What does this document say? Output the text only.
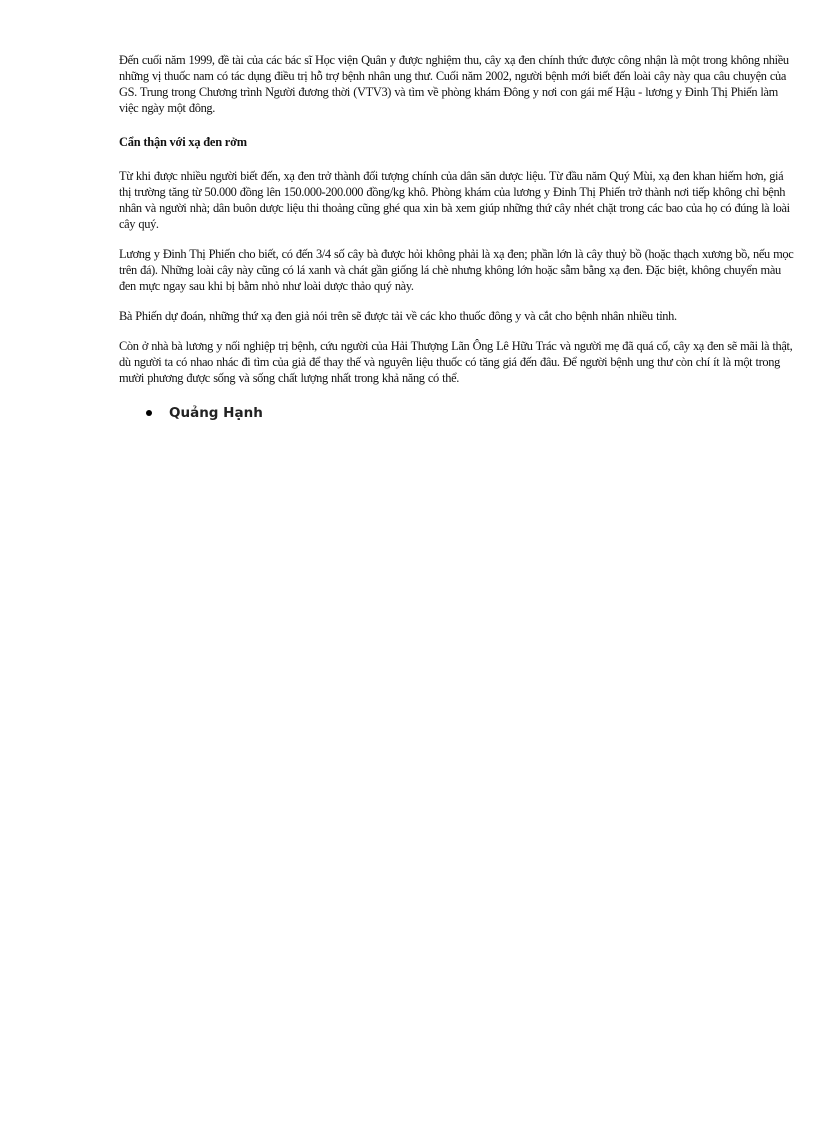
Đến cuối năm 1999, đề tài của các bác sĩ Học viện Quân y được nghiệm thu, cây xạ đen chính thức được công nhận là một trong không nhiều những vị thuốc nam có tác dụng điều trị hỗ trợ bệnh nhân ung thư. Cuối năm 2002, người bệnh mới biết đến loài cây này qua câu chuyện của GS. Trung trong Chương trình Người đương thời (VTV3) và tìm về phòng khám Đông y nơi con gái mế Hậu - lương y Đinh Thị Phiến làm việc ngày một đông.

Cẩn thận với xạ đen rởm

Từ khi được nhiều người biết đến, xạ đen trở thành đối tượng chính của dân săn dược liệu. Từ đầu năm Quý Mùi, xạ đen khan hiếm hơn, giá thị trường tăng từ 50.000 đồng lên 150.000-200.000 đồng/kg khô. Phòng khám của lương y Đinh Thị Phiến trở thành nơi tiếp không chỉ bệnh nhân và người nhà; dân buôn dược liệu thi thoảng cũng ghé qua xin bà xem giúp những thứ cây nhét chặt trong các bao của họ có đúng là loài cây quý.

Lương y Đinh Thị Phiến cho biết, có đến 3/4 số cây bà được hỏi không phải là xạ đen; phần lớn là cây thuỷ bồ (hoặc thạch xương bồ, nếu mọc trên đá). Những loài cây này cũng có lá xanh và chát gần giống lá chè nhưng không lớn hoặc sẫm bằng xạ đen. Đặc biệt, không chuyển màu đen mực ngay sau khi bị bằm nhỏ như loài dược thảo quý này.

Bà Phiến dự đoán, những thứ xạ đen giả nói trên sẽ được tải về các kho thuốc đông y và cắt cho bệnh nhân nhiều tỉnh.

Còn ở nhà bà lương y nối nghiệp trị bệnh, cứu người của Hải Thượng Lãn Ông Lê Hữu Trác và người mẹ đã quá cố, cây xạ đen sẽ mãi là thật, dù người ta có nhao nhác đi tìm của giả để thay thế và nguyên liệu thuốc có tăng giá đến đâu. Để người bệnh ung thư còn chí ít là một trong mười phương được sống và sống chất lượng nhất trong khả năng có thể.

Quảng Hạnh
